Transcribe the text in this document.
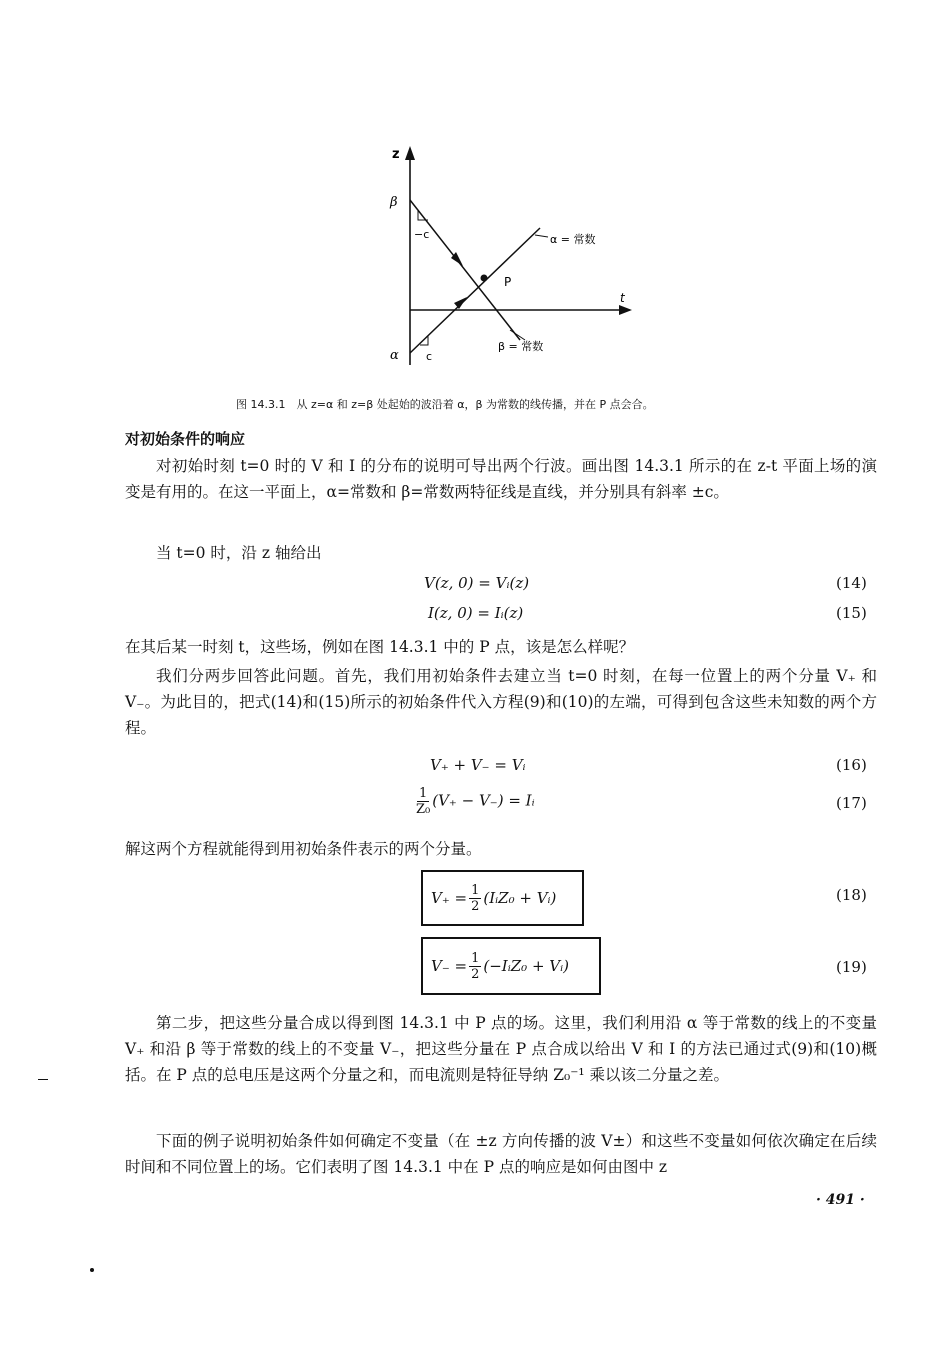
z
t
β
α
−c
c
P
α = 常数
β = 常数
图 14.3.1　从 z=α 和 z=β 处起始的波沿着 α，β 为常数的线传播，并在 P 点会合。
对初始条件的响应
对初始时刻 t=0 时的 V 和 I 的分布的说明可导出两个行波。画出图 14.3.1 所示的在 z-t 平面上场的演变是有用的。在这一平面上，α=常数和 β=常数两特征线是直线，并分别具有斜率 ±c。
当 t=0 时，沿 z 轴给出
V(z, 0) = Vᵢ(z)	(14)
I(z, 0) = Iᵢ(z)	(15)
在其后某一时刻 t，这些场，例如在图 14.3.1 中的 P 点，该是怎么样呢？
我们分两步回答此问题。首先，我们用初始条件去建立当 t=0 时刻，在每一位置上的两个分量 V₊ 和 V₋。为此目的，把式(14)和(15)所示的初始条件代入方程(9)和(10)的左端，可得到包含这些未知数的两个方程。
V₊ + V₋ = Vᵢ	(16)
$\frac{1}{\text{Z₀}} (V_+ - V_-)$ = Iᵢ	(17)
解这两个方程就能得到用初始条件表示的两个分量。
$V_+ = \frac{1}{2}$ (IᵢZ₀ + Vᵢ)	(18)
$V_- = \frac{1}{2}$ (−IᵢZ₀ + Vᵢ)	(19)
第二步，把这些分量合成以得到图 14.3.1 中 P 点的场。这里，我们利用沿 α 等于常数的线上的不变量 V₊ 和沿 β 等于常数的线上的不变量 V₋，把这些分量在 P 点合成以给出 V 和 I 的方法已通过式(9)和(10)概括。在 P 点的总电压是这两个分量之和，而电流则是特征导纳 Z₀⁻¹ 乘以该二分量之差。
下面的例子说明初始条件如何确定不变量（在 ±z 方向传播的波 V±）和这些不变量如何依次确定在后续时间和不同位置上的场。它们表明了图 14.3.1 中在 P 点的响应是如何由图中 z
· 491 ·
